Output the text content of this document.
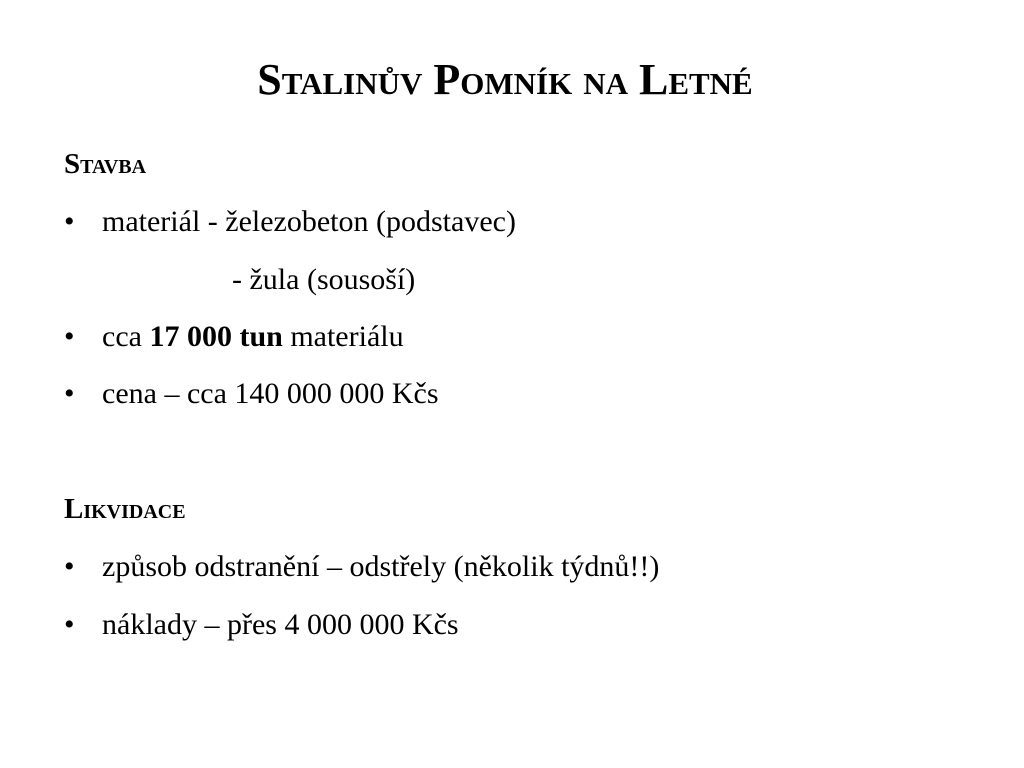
Stalinův Pomník na Letné
Stavba
• materiál - železobeton (podstavec)
- žula (sousoší)
• cca 17 000 tun materiálu
• cena – cca 140 000 000 Kčs
Likvidace
• způsob odstranění – odstřely (několik týdnů!!)
• náklady – přes 4 000 000 Kčs
